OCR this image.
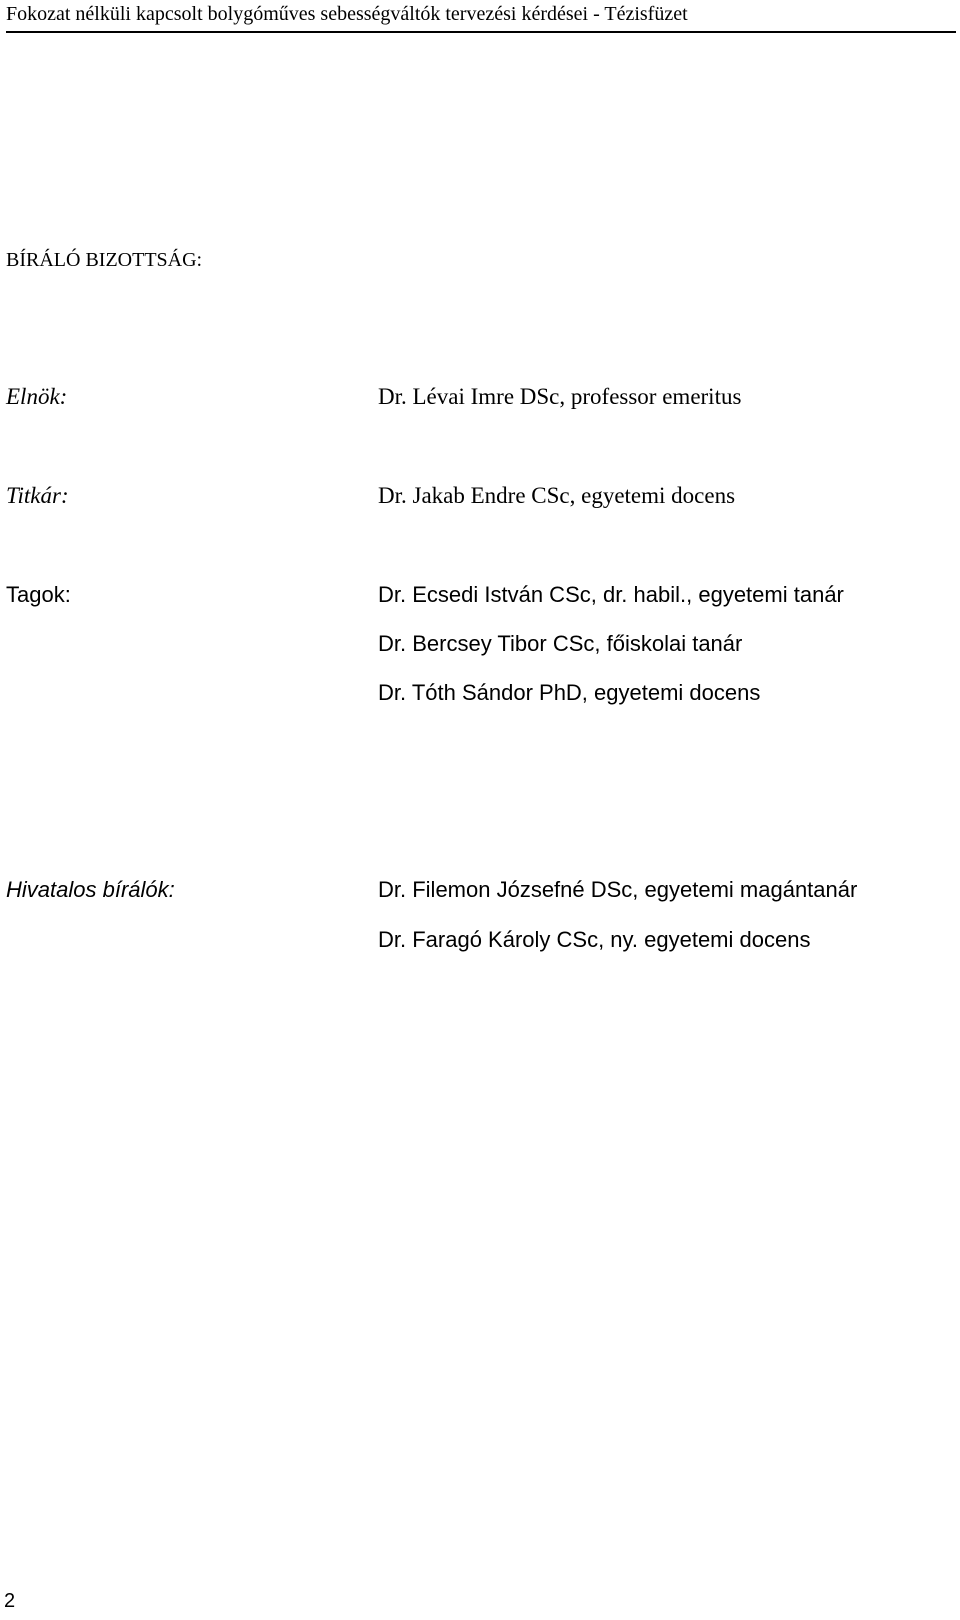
Fokozat nélküli kapcsolt bolygóműves sebességváltók tervezési kérdései - Tézisfüzet
BÍRÁLÓ BIZOTTSÁG:
Elnök:	Dr. Lévai Imre DSc, professor emeritus
Titkár:	Dr. Jakab Endre CSc, egyetemi docens
Tagok:	Dr. Ecsedi István CSc, dr. habil., egyetemi tanár
Dr. Bercsey Tibor CSc, főiskolai tanár
Dr. Tóth Sándor PhD, egyetemi docens
Hivatalos bírálók:	Dr. Filemon Józsefné DSc, egyetemi magántanár
Dr. Faragó Károly CSc, ny. egyetemi docens
2
